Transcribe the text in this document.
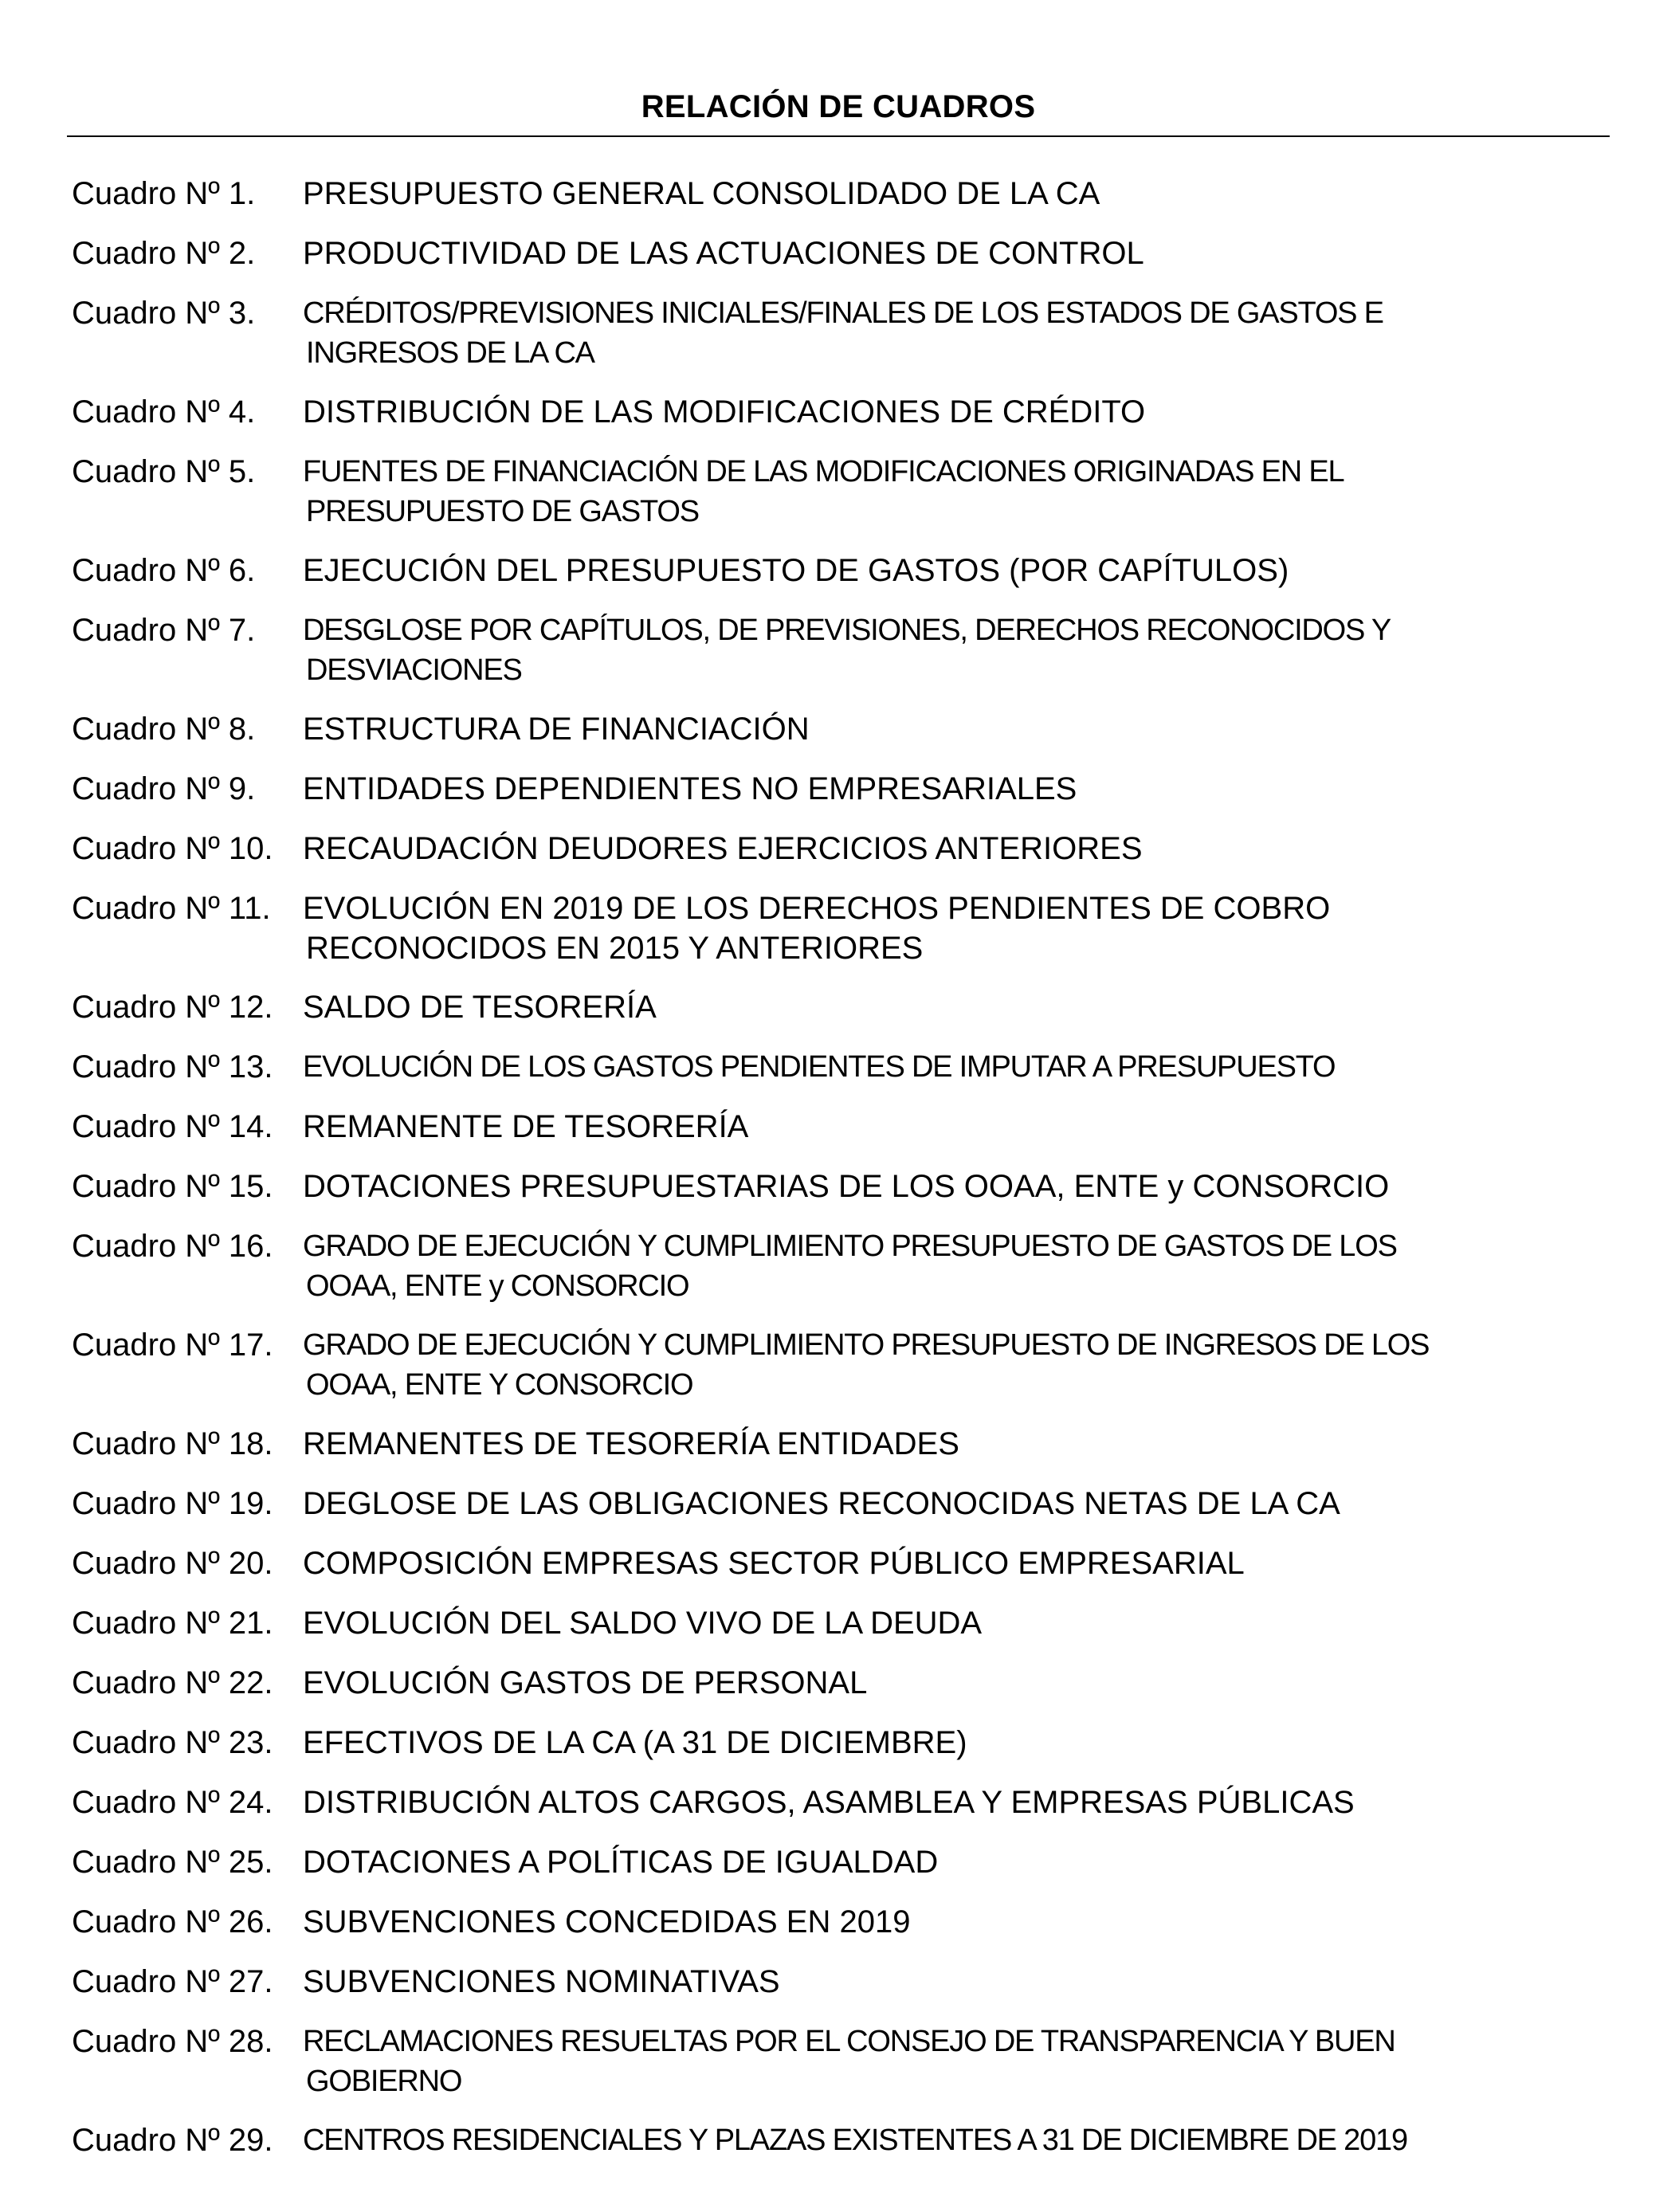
RELACIÓN DE CUADROS
Cuadro Nº 1. PRESUPUESTO GENERAL CONSOLIDADO DE LA CA
Cuadro Nº 2. PRODUCTIVIDAD DE LAS ACTUACIONES DE CONTROL
Cuadro Nº 3. CRÉDITOS/PREVISIONES INICIALES/FINALES DE LOS ESTADOS DE GASTOS E
INGRESOS DE LA CA
Cuadro Nº 4. DISTRIBUCIÓN DE LAS MODIFICACIONES DE CRÉDITO
Cuadro Nº 5. FUENTES DE FINANCIACIÓN DE LAS MODIFICACIONES ORIGINADAS EN EL
PRESUPUESTO DE GASTOS
Cuadro Nº 6. EJECUCIÓN DEL PRESUPUESTO DE GASTOS (POR CAPÍTULOS)
Cuadro Nº 7. DESGLOSE POR CAPÍTULOS, DE PREVISIONES, DERECHOS RECONOCIDOS Y
DESVIACIONES
Cuadro Nº 8. ESTRUCTURA DE FINANCIACIÓN
Cuadro Nº 9. ENTIDADES DEPENDIENTES NO EMPRESARIALES
Cuadro Nº 10. RECAUDACIÓN DEUDORES EJERCICIOS ANTERIORES
Cuadro Nº 11. EVOLUCIÓN EN 2019 DE LOS DERECHOS PENDIENTES DE COBRO
RECONOCIDOS EN 2015 Y ANTERIORES
Cuadro Nº 12. SALDO DE TESORERÍA
Cuadro Nº 13. EVOLUCIÓN DE LOS GASTOS PENDIENTES DE IMPUTAR A PRESUPUESTO
Cuadro Nº 14. REMANENTE DE TESORERÍA
Cuadro Nº 15. DOTACIONES PRESUPUESTARIAS DE LOS OOAA, ENTE y CONSORCIO
Cuadro Nº 16. GRADO DE EJECUCIÓN Y CUMPLIMIENTO PRESUPUESTO DE GASTOS DE LOS
OOAA, ENTE y CONSORCIO
Cuadro Nº 17. GRADO DE EJECUCIÓN Y CUMPLIMIENTO PRESUPUESTO DE INGRESOS DE LOS
OOAA, ENTE Y CONSORCIO
Cuadro Nº 18. REMANENTES DE TESORERÍA ENTIDADES
Cuadro Nº 19. DEGLOSE DE LAS OBLIGACIONES RECONOCIDAS NETAS DE LA CA
Cuadro Nº 20. COMPOSICIÓN EMPRESAS SECTOR PÚBLICO EMPRESARIAL
Cuadro Nº 21. EVOLUCIÓN DEL SALDO VIVO DE LA DEUDA
Cuadro Nº 22. EVOLUCIÓN GASTOS DE PERSONAL
Cuadro Nº 23. EFECTIVOS DE LA CA (A 31 DE DICIEMBRE)
Cuadro Nº 24. DISTRIBUCIÓN ALTOS CARGOS, ASAMBLEA Y EMPRESAS PÚBLICAS
Cuadro Nº 25. DOTACIONES A POLÍTICAS DE IGUALDAD
Cuadro Nº 26. SUBVENCIONES CONCEDIDAS EN 2019
Cuadro Nº 27. SUBVENCIONES NOMINATIVAS
Cuadro Nº 28. RECLAMACIONES RESUELTAS POR EL CONSEJO DE TRANSPARENCIA Y BUEN
GOBIERNO
Cuadro Nº 29. CENTROS RESIDENCIALES Y PLAZAS EXISTENTES A 31 DE DICIEMBRE DE 2019
